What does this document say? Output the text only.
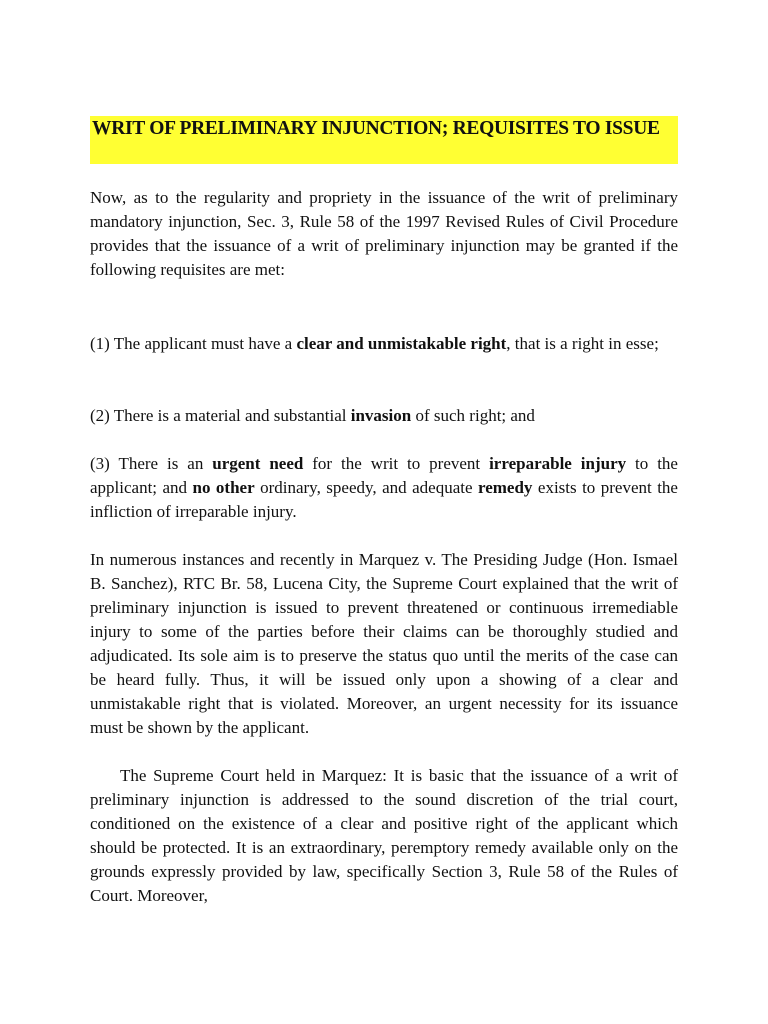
WRIT OF PRELIMINARY INJUNCTION; REQUISITES TO ISSUE

Now, as to the regularity and propriety in the issuance of the writ of preliminary mandatory injunction, Sec. 3, Rule 58 of the 1997 Revised Rules of Civil Procedure provides that the issuance of a writ of preliminary injunction may be granted if the following requisites are met:

(1) The applicant must have a clear and unmistakable right, that is a right in esse;

(2) There is a material and substantial invasion of such right; and

(3) There is an urgent need for the writ to prevent irreparable injury to the applicant; and no other ordinary, speedy, and adequate remedy exists to prevent the infliction of irreparable injury.

In numerous instances and recently in Marquez v. The Presiding Judge (Hon. Ismael B. Sanchez), RTC Br. 58, Lucena City, the Supreme Court explained that the writ of preliminary injunction is issued to prevent threatened or continuous irremediable injury to some of the parties before their claims can be thoroughly studied and adjudicated. Its sole aim is to preserve the status quo until the merits of the case can be heard fully. Thus, it will be issued only upon a showing of a clear and unmistakable right that is violated. Moreover, an urgent necessity for its issuance must be shown by the applicant.

The Supreme Court held in Marquez: It is basic that the issuance of a writ of preliminary injunction is addressed to the sound discretion of the trial court, conditioned on the existence of a clear and positive right of the applicant which should be protected. It is an extraordinary, peremptory remedy available only on the grounds expressly provided by law, specifically Section 3, Rule 58 of the Rules of Court. Moreover,
